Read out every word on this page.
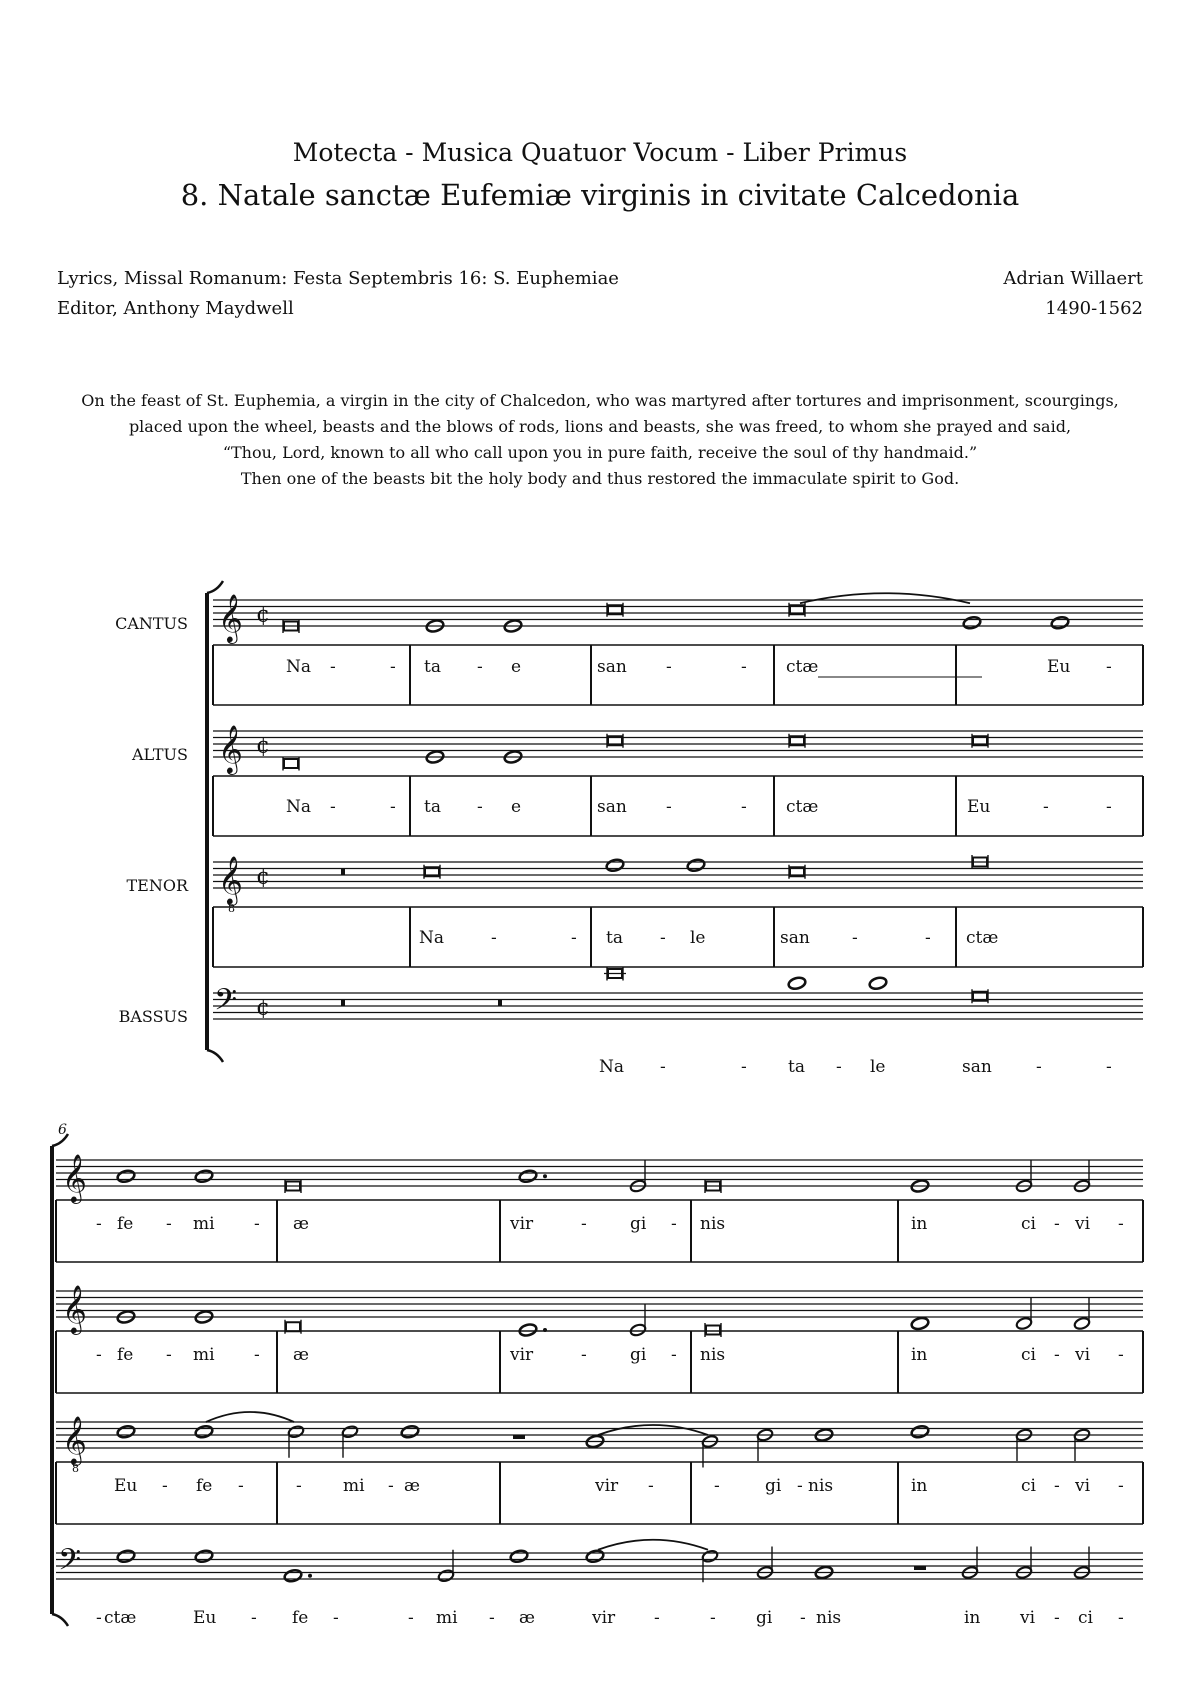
Motecta - Musica Quatuor Vocum - Liber Primus
8. Natale sanctæ Eufemiæ virginis in civitate Calcedonia
Lyrics, Missal Romanum: Festa Septembris 16: S. Euphemiae
Editor, Anthony Maydwell
Adrian Willaert
1490-1562
On the feast of St. Euphemia, a virgin in the city of Chalcedon, who was martyred after tortures and imprisonment, scourgings,
placed upon the wheel, beasts and the blows of rods, lions and beasts, she was freed, to whom she prayed and said,
“Thou, Lord, known to all who call upon you in pure faith, receive the soul of thy handmaid.”
Then one of the beasts bit the holy body and thus restored the immaculate spirit to God.
CANTUS
ALTUS
TENOR
BASSUS
6
Na -	- ta - e	san -	- ctæ	Eu -
Na -	- ta - e	san -	- ctæ	Eu	-	-
Na	-	- ta - le	san -	- ctæ
Na -	- ta - le	san	-	-
- fe - mi - æ	vir	-	gi - nis	in	ci - vi -
- fe - mi - æ	vir	-	gi - nis	in	ci - vi -
Eu - fe -	- mi - æ	vir -	-	gi - nis	in	ci - vi -
- ctæ	Eu - fe -	- mi - æ	vir -	- gi - nis	in vi - ci -
𝄞 ¢
𝄞 ¢
𝄞
8
¢
𝄢 ¢
𝄞
𝄞
𝄞
8
𝄢
